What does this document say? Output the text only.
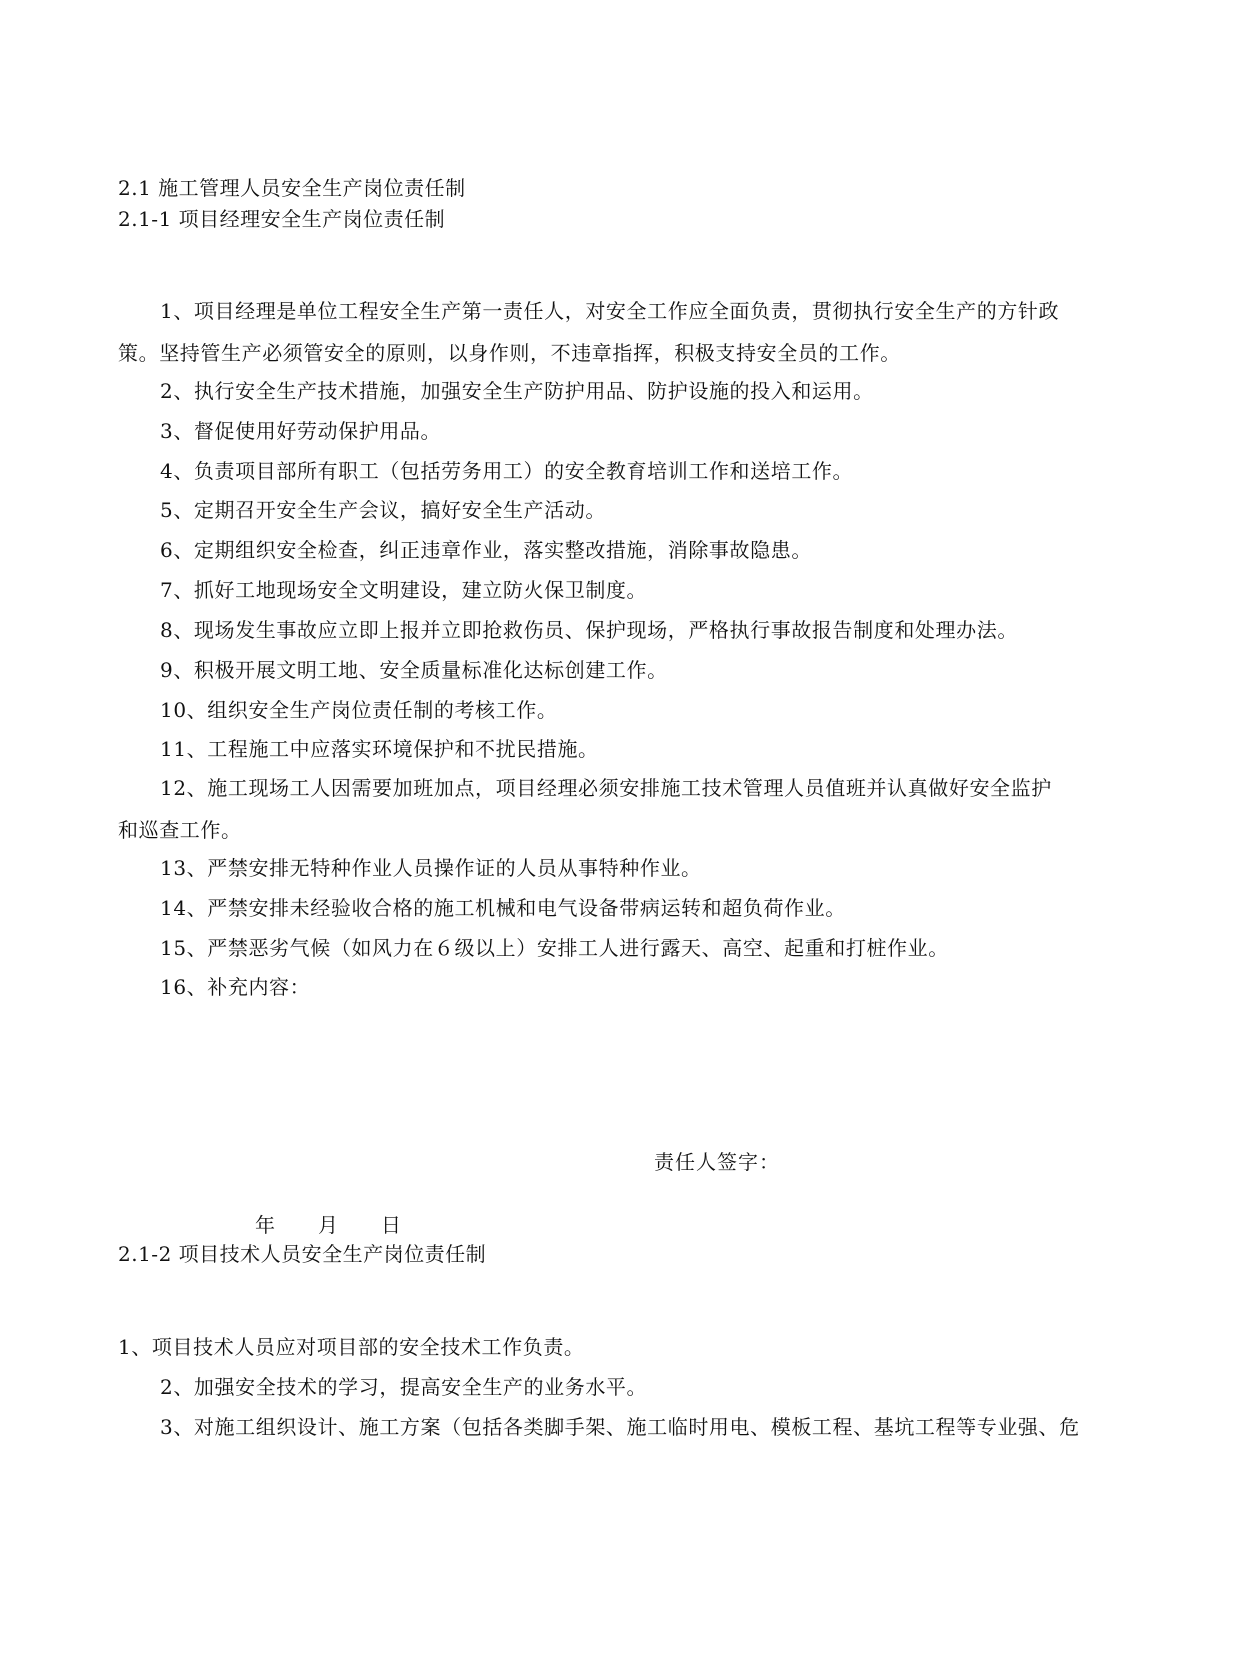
2.1 施工管理人员安全生产岗位责任制
2.1-1 项目经理安全生产岗位责任制
1、项目经理是单位工程安全生产第一责任人，对安全工作应全面负责，贯彻执行安全生产的方针政策。坚持管生产必须管安全的原则，以身作则，不违章指挥，积极支持安全员的工作。
2、执行安全生产技术措施，加强安全生产防护用品、防护设施的投入和运用。
3、督促使用好劳动保护用品。
4、负责项目部所有职工（包括劳务用工）的安全教育培训工作和送培工作。
5、定期召开安全生产会议，搞好安全生产活动。
6、定期组织安全检查，纠正违章作业，落实整改措施，消除事故隐患。
7、抓好工地现场安全文明建设，建立防火保卫制度。
8、现场发生事故应立即上报并立即抢救伤员、保护现场，严格执行事故报告制度和处理办法。
9、积极开展文明工地、安全质量标准化达标创建工作。
10、组织安全生产岗位责任制的考核工作。
11、工程施工中应落实环境保护和不扰民措施。
12、施工现场工人因需要加班加点，项目经理必须安排施工技术管理人员值班并认真做好安全监护和巡查工作。
13、严禁安排无特种作业人员操作证的人员从事特种作业。
14、严禁安排未经验收合格的施工机械和电气设备带病运转和超负荷作业。
15、严禁恶劣气候（如风力在６级以上）安排工人进行露天、高空、起重和打桩作业。
16、补充内容：
责任人签字：
年　　月　　日
2.1-2 项目技术人员安全生产岗位责任制
1、项目技术人员应对项目部的安全技术工作负责。
2、加强安全技术的学习，提高安全生产的业务水平。
3、对施工组织设计、施工方案（包括各类脚手架、施工临时用电、模板工程、基坑工程等专业强、危
